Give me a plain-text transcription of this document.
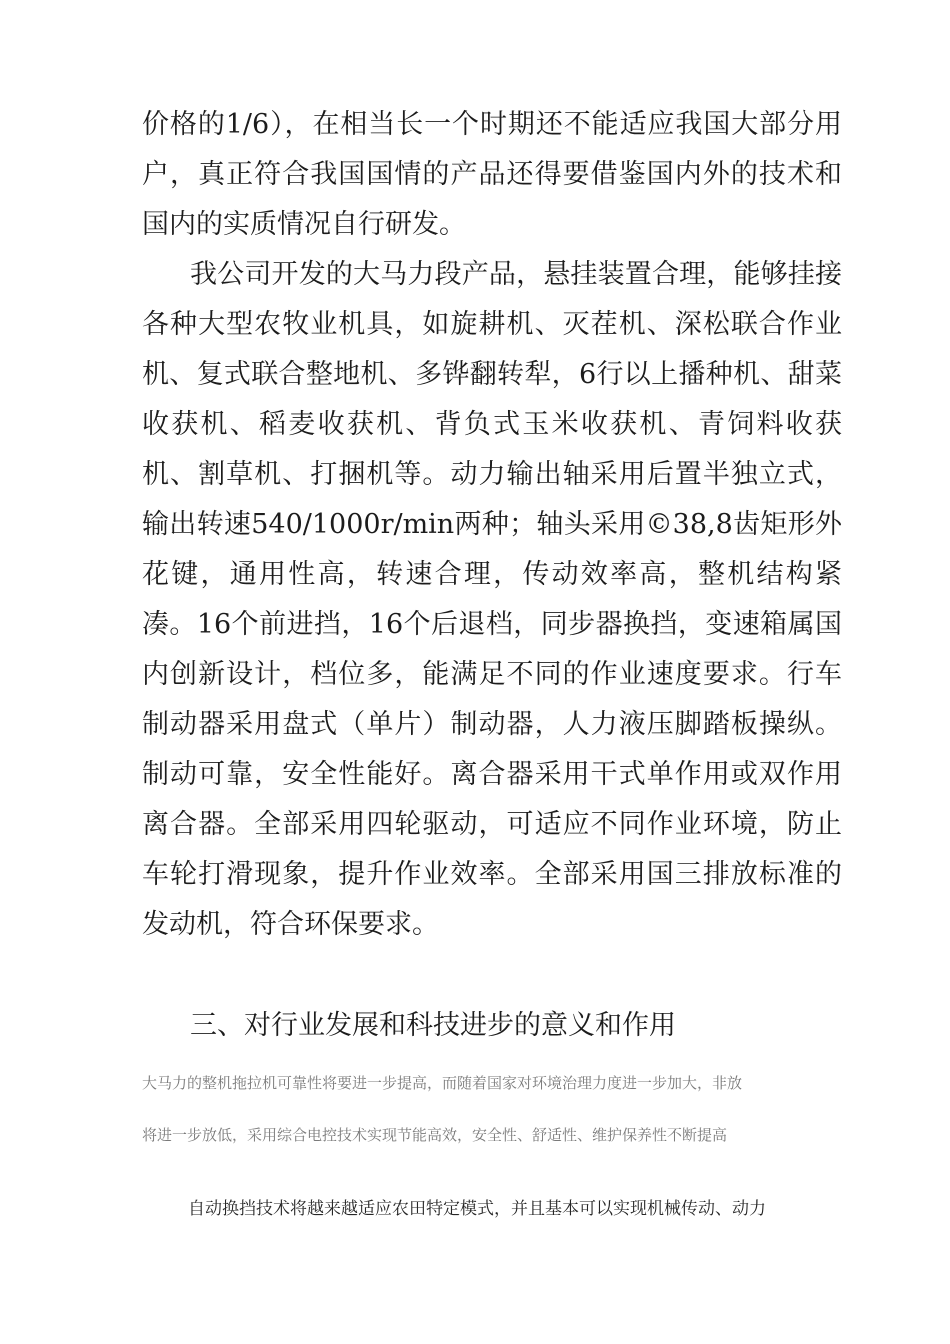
价格的1/6），在相当长一个时期还不能适应我国大部分用户，真正符合我国国情的产品还得要借鉴国内外的技术和国内的实质情况自行研发。
我公司开发的大马力段产品，悬挂装置合理，能够挂接各种大型农牧业机具，如旋耕机、灭茬机、深松联合作业机、复式联合整地机、多铧翻转犁，6行以上播种机、甜菜收获机、稻麦收获机、背负式玉米收获机、青饲料收获机、割草机、打捆机等。动力输出轴采用后置半独立式，输出转速540/1000r/min两种；轴头采用©38,8齿矩形外花键，通用性高，转速合理，传动效率高，整机结构紧凑。16个前进挡，16个后退档，同步器换挡，变速箱属国内创新设计，档位多，能满足不同的作业速度要求。行车制动器采用盘式（单片）制动器，人力液压脚踏板操纵。制动可靠，安全性能好。离合器采用干式单作用或双作用离合器。全部采用四轮驱动，可适应不同作业环境，防止车轮打滑现象，提升作业效率。全部采用国三排放标准的发动机，符合环保要求。
三、对行业发展和科技进步的意义和作用
大马力的整机拖拉机可靠性将要进一步提高，而随着国家对环境治理力度进一步加大，非放
将进一步放低，采用综合电控技术实现节能高效，安全性、舒适性、维护保养性不断提高
自动换挡技术将越来越适应农田特定模式，并且基本可以实现机械传动、动力
